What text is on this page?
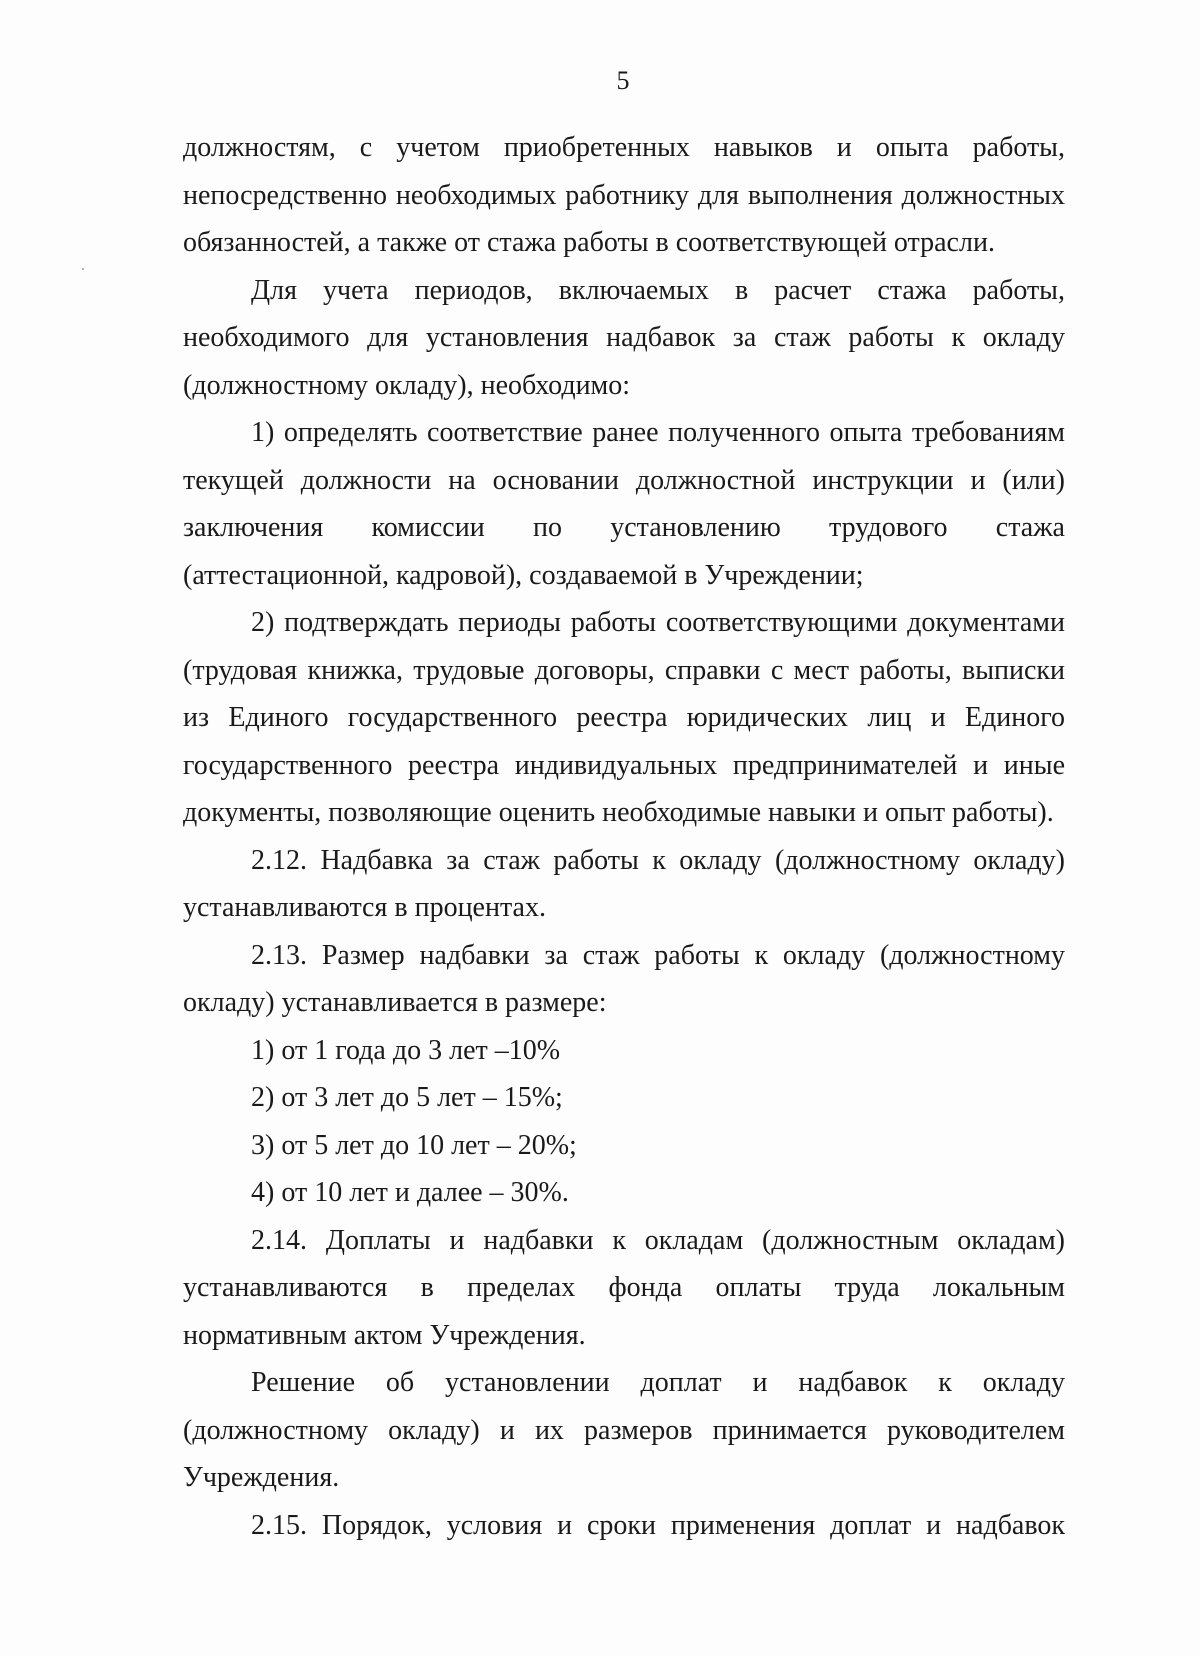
5

должностям, с учетом приобретенных навыков и опыта работы, непосредственно необходимых работнику для выполнения должностных обязанностей, а также от стажа работы в соответствующей отрасли.

Для учета периодов, включаемых в расчет стажа работы, необходимого для установления надбавок за стаж работы к окладу (должностному окладу), необходимо:

1) определять соответствие ранее полученного опыта требованиям текущей должности на основании должностной инструкции и (или) заключения комиссии по установлению трудового стажа (аттестационной, кадровой), создаваемой в Учреждении;

2) подтверждать периоды работы соответствующими документами (трудовая книжка, трудовые договоры, справки с мест работы, выписки из Единого государственного реестра юридических лиц и Единого государственного реестра индивидуальных предпринимателей и иные документы, позволяющие оценить необходимые навыки и опыт работы).

2.12. Надбавка за стаж работы к окладу (должностному окладу) устанавливаются в процентах.

2.13. Размер надбавки за стаж работы к окладу (должностному окладу) устанавливается в размере:

1) от 1 года до 3 лет –10%

2) от 3 лет до 5 лет – 15%;

3) от 5 лет до 10 лет – 20%;

4) от 10 лет и далее – 30%.

2.14. Доплаты и надбавки к окладам (должностным окладам) устанавливаются в пределах фонда оплаты труда локальным нормативным актом Учреждения.

Решение об установлении доплат и надбавок к окладу (должностному окладу) и их размеров принимается руководителем Учреждения.

2.15. Порядок, условия и сроки применения доплат и надбавок
